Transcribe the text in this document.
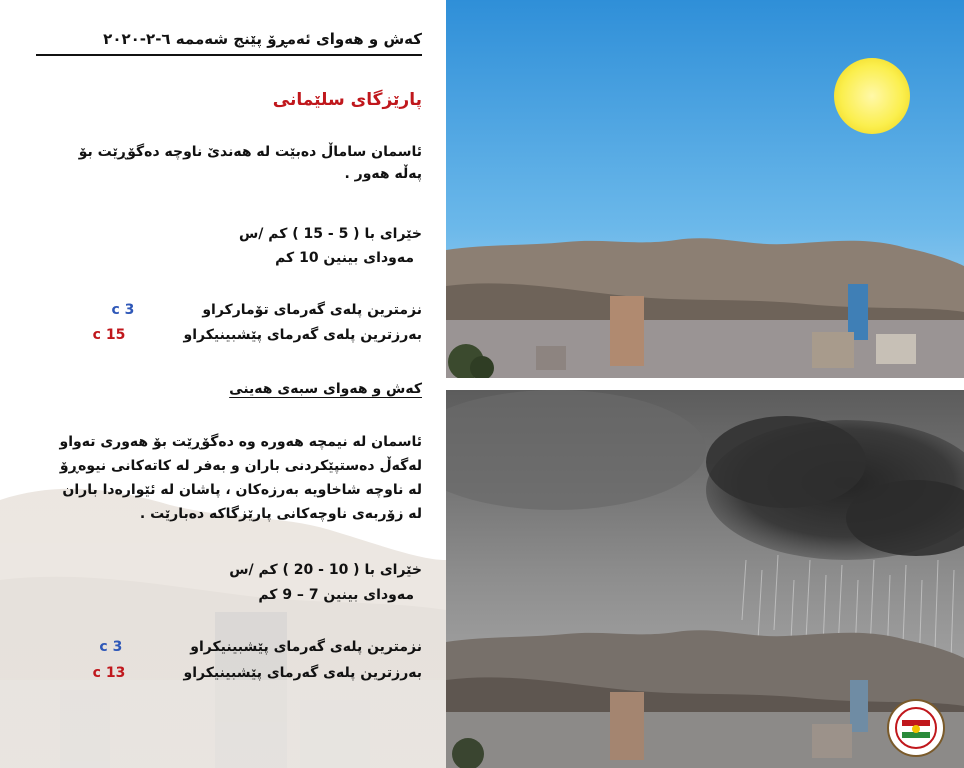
کەش و هەوای ئەمڕۆ پێنج شەممە ٦-٢-٢٠٢٠
پارێزگای سلێمانی
ئاسمان ساماڵ دەبێت لە هەندێ ناوچە دەگۆڕێت بۆ
پەڵە هەور .
خێرای با ( 5 - 15 ) کم /س
مەودای بینین 10 کم
نزمترین پلەی گەرمای تۆمارکراو 3 c
بەرزترین پلەی گەرمای پێشبینیکراو 15 c
کەش و هەوای سبەی هەینی
ئاسمان لە نیمچە هەورە وە دەگۆڕێت بۆ هەوری تەواو
لەگەڵ دەستپێکردنی باران و بەفر لە کاتەکانی نیوەڕۆ
لە ناوچە شاخاویە بەرزەکان ، پاشان لە ئێوارەدا باران
لە زۆربەی ناوچەکانی پارێزگاکە دەبارێت .
خێرای با ( 10 - 20 ) کم /س
مەودای بینین 7 – 9 کم
نزمترین پلەی گەرمای پێشبینیکراو 3 c
بەرزترین پلەی گەرمای پێشبینیکراو 13 c
